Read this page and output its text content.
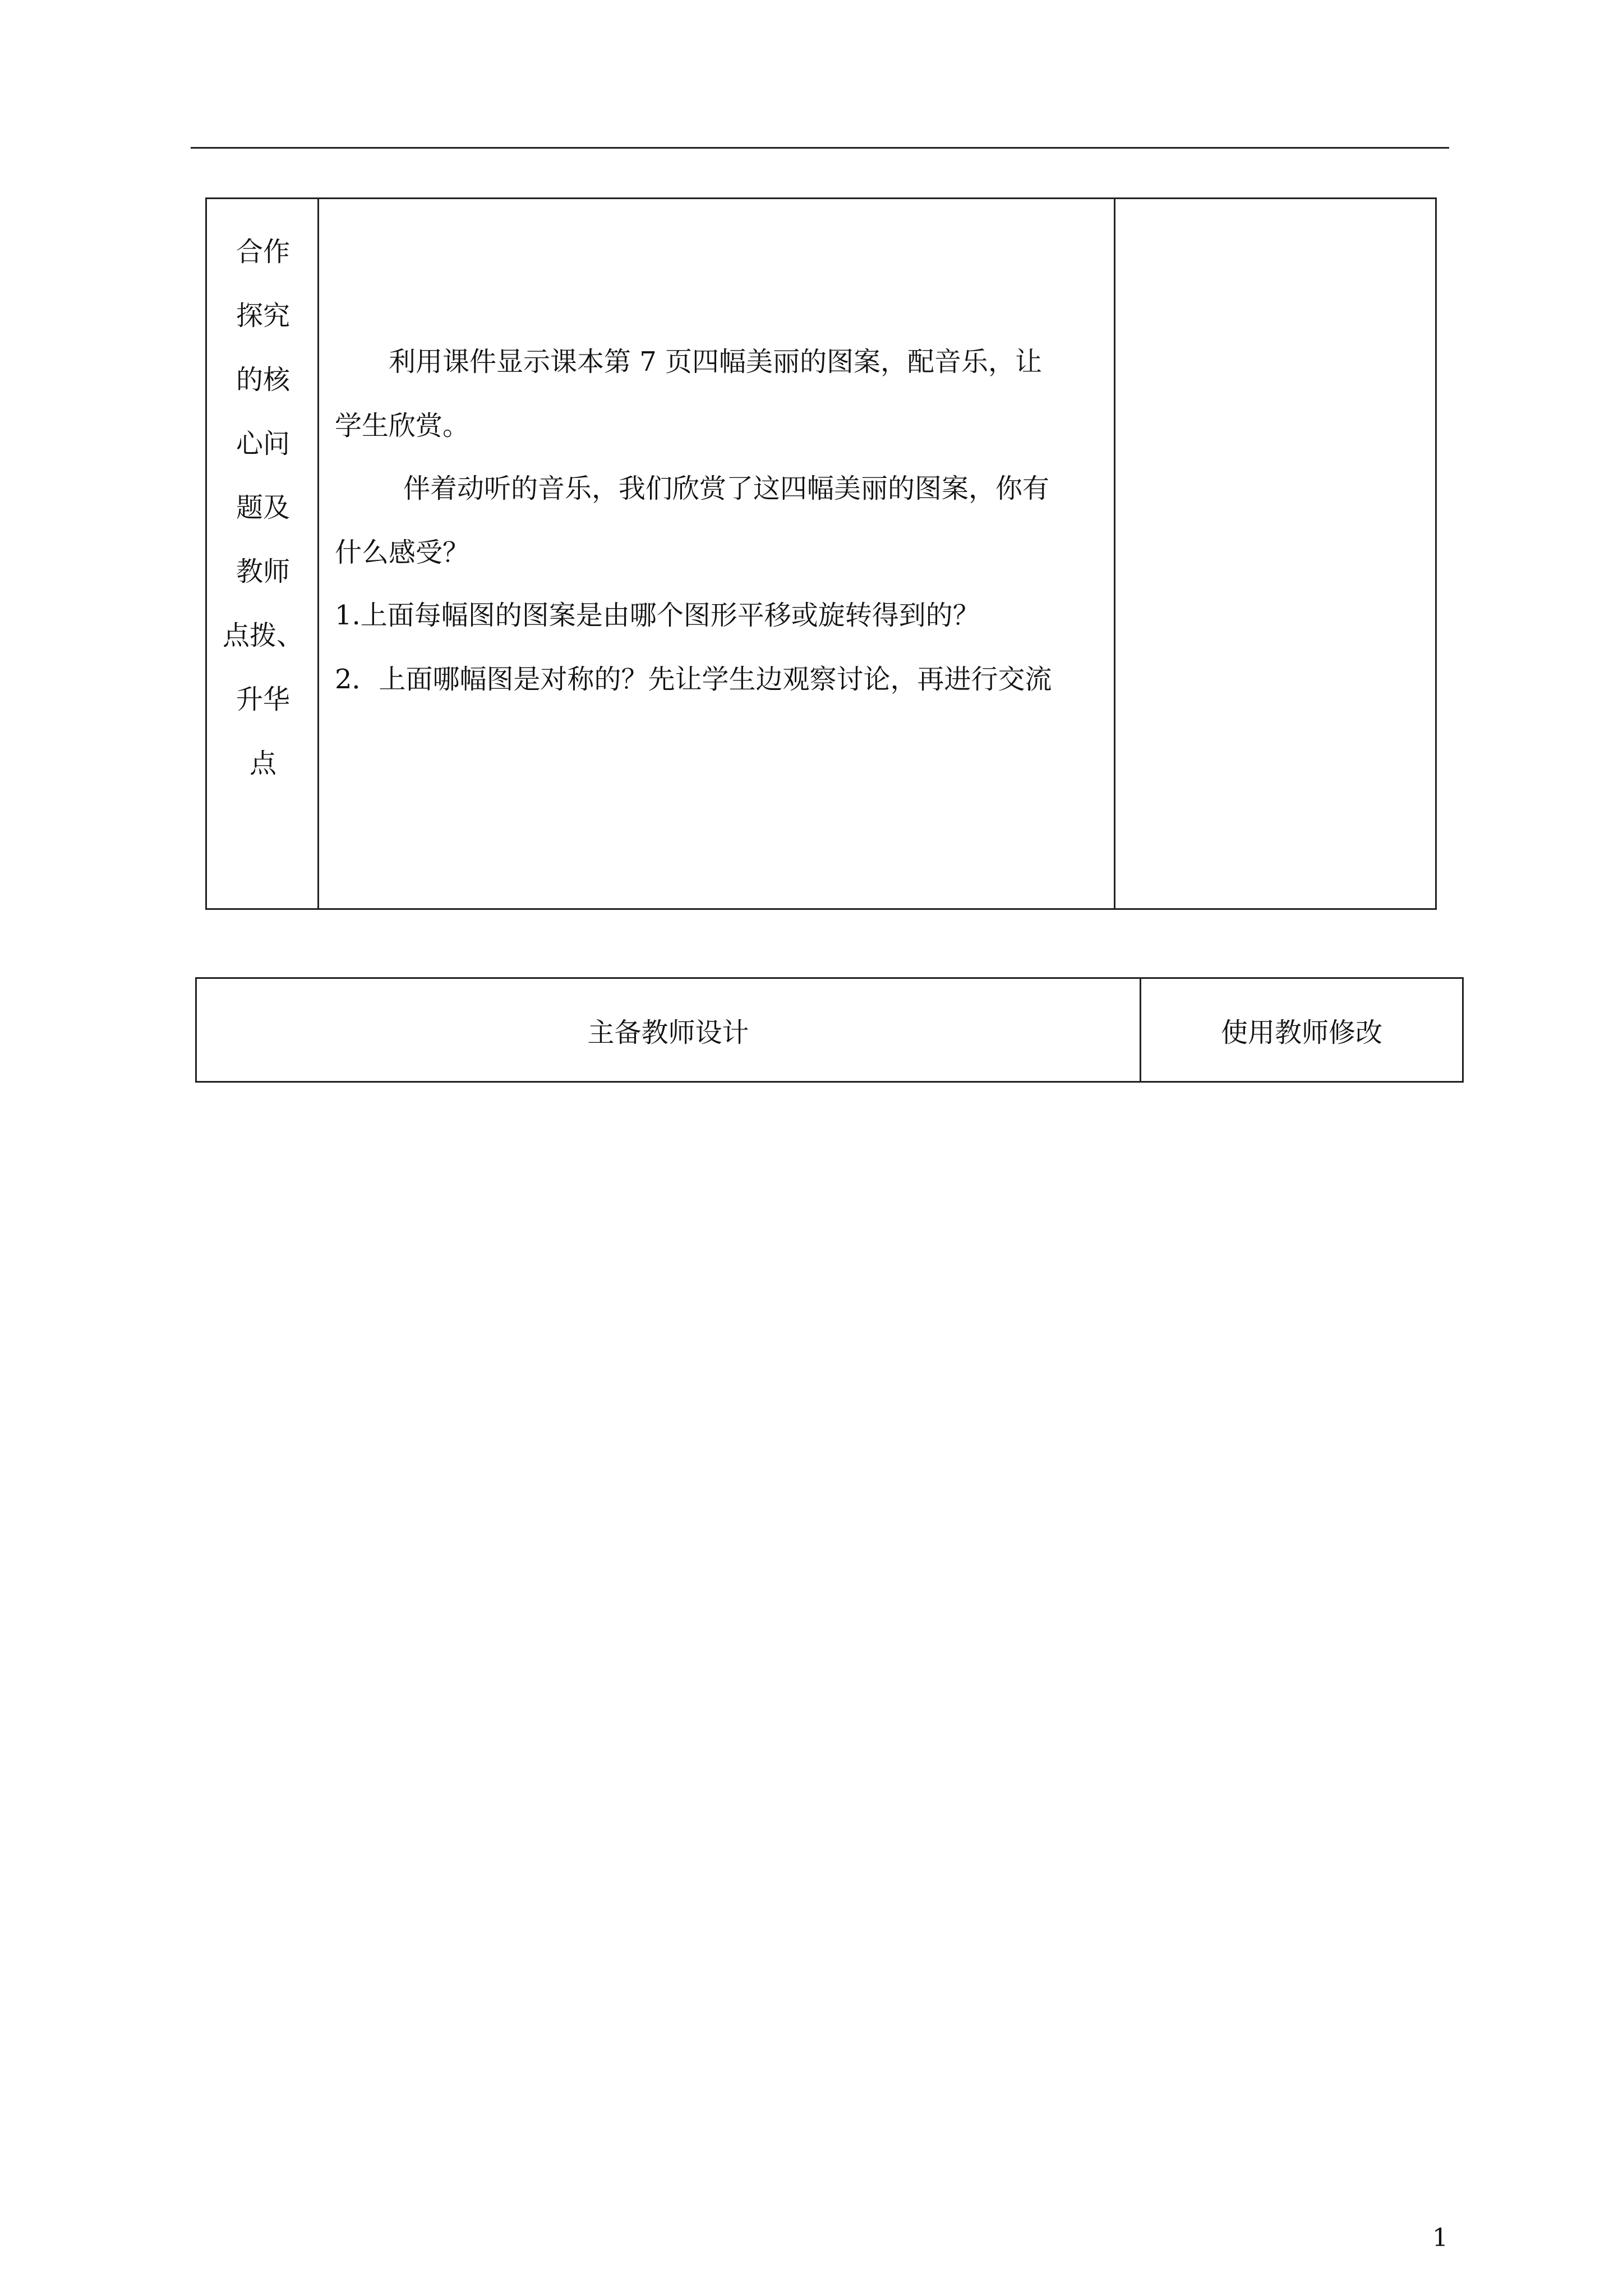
合作
探究
的核
心问
题及
教师
点拨、
升华
点
利用课件显示课本第 7 页四幅美丽的图案，配音乐，让
学生欣赏。
伴着动听的音乐，我们欣赏了这四幅美丽的图案，你有
什么感受？
1.上面每幅图的图案是由哪个图形平移或旋转得到的？
2．上面哪幅图是对称的？先让学生边观察讨论，再进行交流
主备教师设计	使用教师修改
1
